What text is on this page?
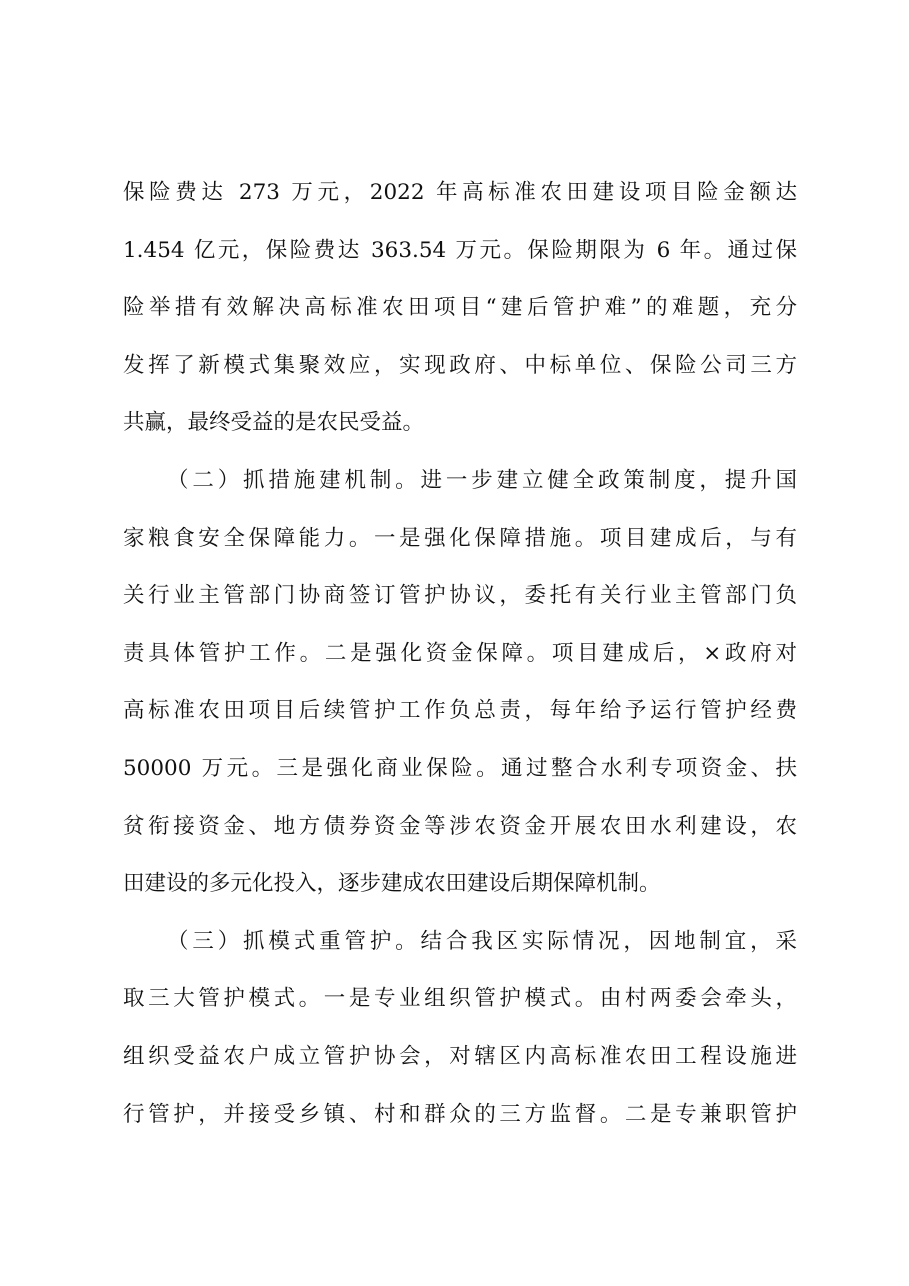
保险费达 273 万元，2022 年高标准农田建设项目险金额达
1.454 亿元，保险费达 363.54 万元。保险期限为 6 年。通过保
险举措有效解决高标准农田项目“建后管护难”的难题，充分
发挥了新模式集聚效应，实现政府、中标单位、保险公司三方
共赢，最终受益的是农民受益。
（二）抓措施建机制。进一步建立健全政策制度，提升国
家粮食安全保障能力。一是强化保障措施。项目建成后，与有
关行业主管部门协商签订管护协议，委托有关行业主管部门负
责具体管护工作。二是强化资金保障。项目建成后，×政府对
高标准农田项目后续管护工作负总责，每年给予运行管护经费
50000 万元。三是强化商业保险。通过整合水利专项资金、扶
贫衔接资金、地方债券资金等涉农资金开展农田水利建设，农
田建设的多元化投入，逐步建成农田建设后期保障机制。
（三）抓模式重管护。结合我区实际情况，因地制宜，采
取三大管护模式。一是专业组织管护模式。由村两委会牵头，
组织受益农户成立管护协会，对辖区内高标准农田工程设施进
行管护，并接受乡镇、村和群众的三方监督。二是专兼职管护
